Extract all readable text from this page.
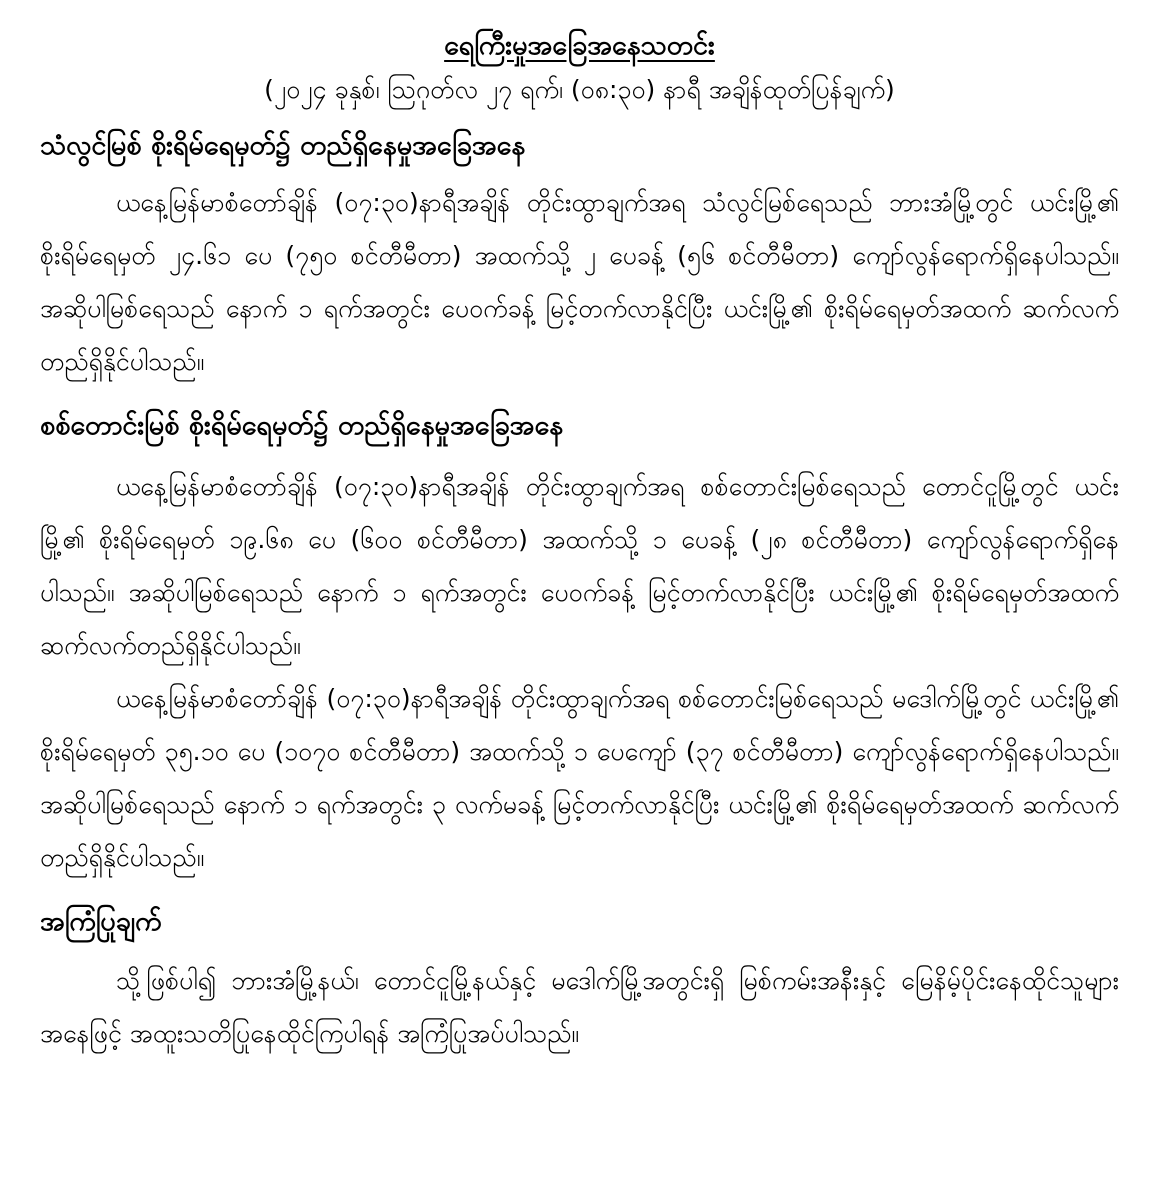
ရေကြီးမှုအခြေအနေသတင်း

(၂၀၂၄ ခုနှစ်၊ ဩဂုတ်လ ၂၇ ရက်၊ (၀၈:၃၀) နာရီ အချိန်ထုတ်ပြန်ချက်)

သံလွင်မြစ် စိုးရိမ်ရေမှတ်၌ တည်ရှိနေမှုအခြေအနေ

ယနေ့မြန်မာစံတော်ချိန် (၀၇:၃၀)နာရီအချိန် တိုင်းထွာချက်အရ သံလွင်မြစ်ရေသည် ဘားအံမြို့တွင် ယင်းမြို့၏ စိုးရိမ်ရေမှတ် ၂၄.၆၁ ပေ (၇၅၀ စင်တီမီတာ) အထက်သို့ ၂ ပေခန့် (၅၆ စင်တီမီတာ) ကျော်လွန်ရောက်ရှိနေပါသည်။ အဆိုပါမြစ်ရေသည် နောက် ၁ ရက်အတွင်း ပေ၀က်ခန့် မြင့်တက်လာနိုင်ပြီး ယင်းမြို့၏ စိုးရိမ်ရေမှတ်အထက် ဆက်လက်တည်ရှိနိုင်ပါသည်။

စစ်တောင်းမြစ် စိုးရိမ်ရေမှတ်၌ တည်ရှိနေမှုအခြေအနေ

ယနေ့မြန်မာစံတော်ချိန် (၀၇:၃၀)နာရီအချိန် တိုင်းထွာချက်အရ စစ်တောင်းမြစ်ရေသည် တောင်ငူမြို့တွင် ယင်းမြို့၏ စိုးရိမ်ရေမှတ် ၁၉.၆၈ ပေ (၆၀၀ စင်တီမီတာ) အထက်သို့ ၁ ပေခန့် (၂၈ စင်တီမီတာ) ကျော်လွန်ရောက်ရှိနေပါသည်။ အဆိုပါမြစ်ရေသည် နောက် ၁ ရက်အတွင်း ပေ၀က်ခန့် မြင့်တက်လာနိုင်ပြီး ယင်းမြို့၏ စိုးရိမ်ရေမှတ်အထက် ဆက်လက်တည်ရှိနိုင်ပါသည်။

ယနေ့မြန်မာစံတော်ချိန် (၀၇:၃၀)နာရီအချိန် တိုင်းထွာချက်အရ စစ်တောင်းမြစ်ရေသည် မဒေါက်မြို့တွင် ယင်းမြို့၏ စိုးရိမ်ရေမှတ် ၃၅.၁၀ ပေ (၁၀၇၀ စင်တီမီတာ) အထက်သို့ ၁ ပေကျော် (၃၇ စင်တီမီတာ) ကျော်လွန်ရောက်ရှိနေပါသည်။ အဆိုပါမြစ်ရေသည် နောက် ၁ ရက်အတွင်း ၃ လက်မခန့် မြင့်တက်လာနိုင်ပြီး ယင်းမြို့၏ စိုးရိမ်ရေမှတ်အထက် ဆက်လက်တည်ရှိနိုင်ပါသည်။

အကြံပြုချက်

သို့ဖြစ်ပါ၍ ဘားအံမြို့နယ်၊ တောင်ငူမြို့နယ်နှင့် မဒေါက်မြို့အတွင်းရှိ မြစ်ကမ်းအနီးနှင့် မြေနိမ့်ပိုင်းနေထိုင်သူများအနေဖြင့် အထူးသတိပြုနေထိုင်ကြပါရန် အကြံပြုအပ်ပါသည်။
